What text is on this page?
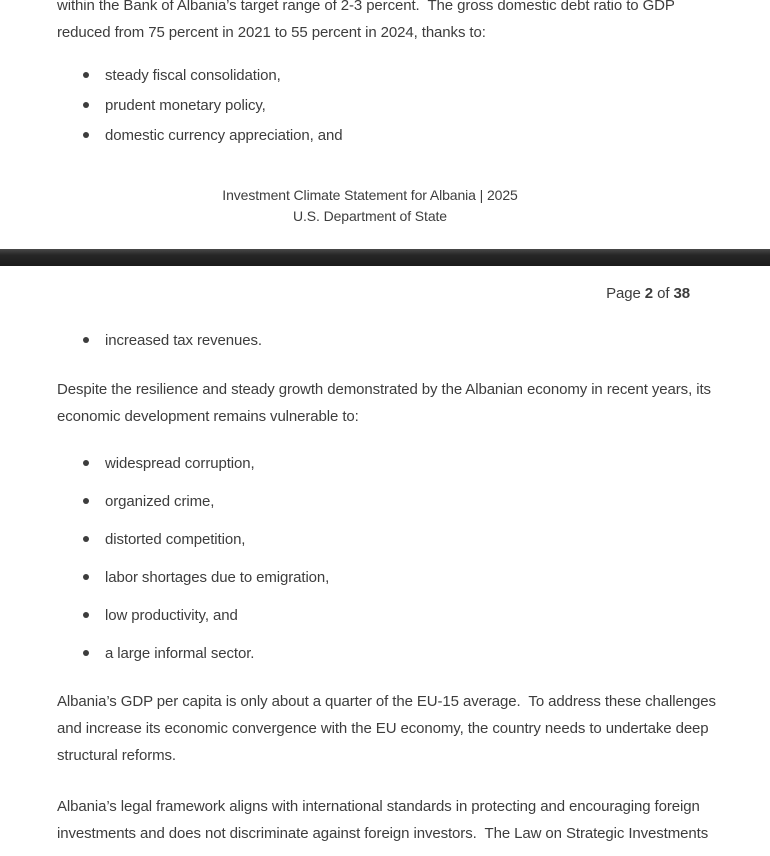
within the Bank of Albania’s target range of 2-3 percent.  The gross domestic debt ratio to GDP reduced from 75 percent in 2021 to 55 percent in 2024, thanks to:

steady fiscal consolidation,
prudent monetary policy,
domestic currency appreciation, and
Investment Climate Statement for Albania | 2025
U.S. Department of State
Page 2 of 38
increased tax revenues.

Despite the resilience and steady growth demonstrated by the Albanian economy in recent years, its economic development remains vulnerable to:

widespread corruption,
organized crime,
distorted competition,
labor shortages due to emigration,
low productivity, and
a large informal sector.

Albania’s GDP per capita is only about a quarter of the EU-15 average.  To address these challenges and increase its economic convergence with the EU economy, the country needs to undertake deep structural reforms.

Albania’s legal framework aligns with international standards in protecting and encouraging foreign investments and does not discriminate against foreign investors.  The Law on Strategic Investments
